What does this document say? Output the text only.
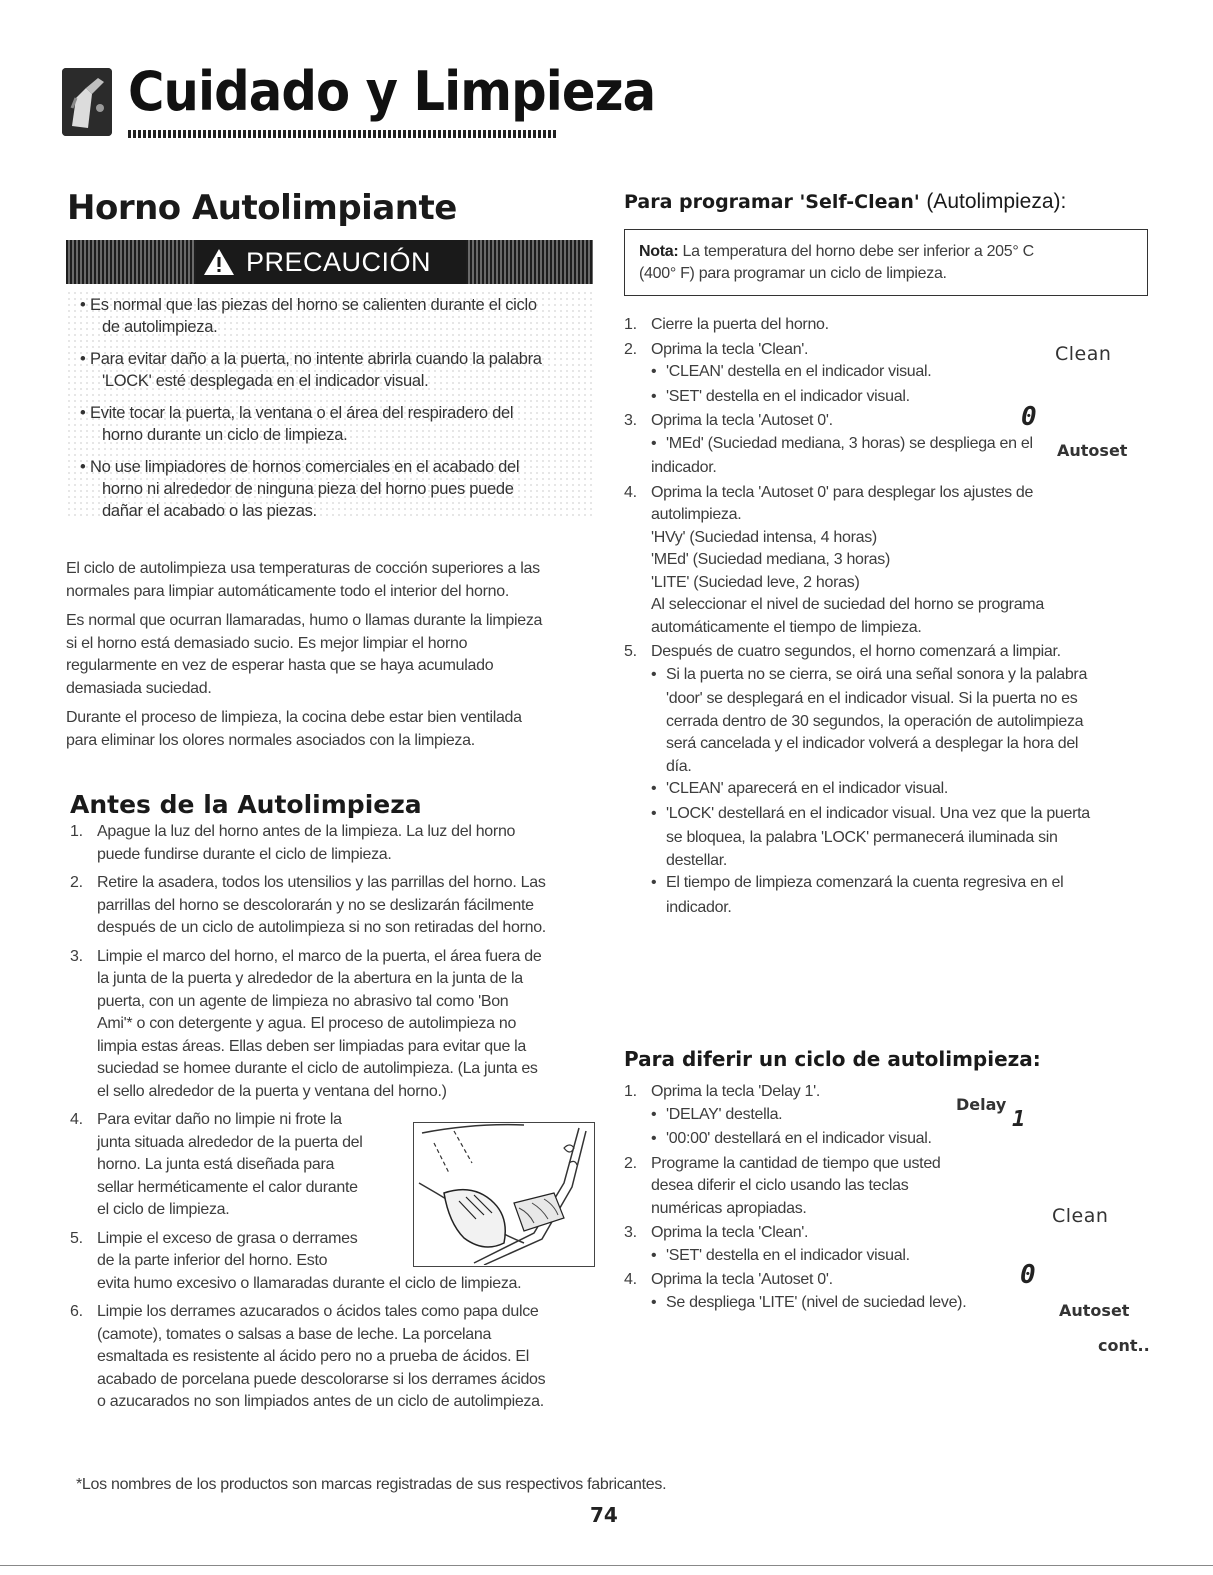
Cuidado y Limpieza
Horno Autolimpiante
PRECAUCIÓN
• Es normal que las piezas del horno se calienten durante el ciclo
de autolimpieza.
• Para evitar daño a la puerta, no intente abrirla cuando la palabra
'LOCK' esté desplegada en el indicador visual.
• Evite tocar la puerta, la ventana o el área del respiradero del
horno durante un ciclo de limpieza.
• No use limpiadores de hornos comerciales en el acabado del
horno ni alrededor de ninguna pieza del horno pues puede
dañar el acabado o las piezas.
El ciclo de autolimpieza usa temperaturas de cocción superiores a las
normales para limpiar automáticamente todo el interior del horno.
Es normal que ocurran llamaradas, humo o llamas durante la limpieza
si el horno está demasiado sucio. Es mejor limpiar el horno
regularmente en vez de esperar hasta que se haya acumulado
demasiada suciedad.
Durante el proceso de limpieza, la cocina debe estar bien ventilada
para eliminar los olores normales asociados con la limpieza.
Antes de la Autolimpieza
1. Apague la luz del horno antes de la limpieza. La luz del horno
puede fundirse durante el ciclo de limpieza.
2. Retire la asadera, todos los utensilios y las parrillas del horno. Las
parrillas del horno se descolorarán y no se deslizarán fácilmente
después de un ciclo de autolimpieza si no son retiradas del horno.
3. Limpie el marco del horno, el marco de la puerta, el área fuera de
la junta de la puerta y alrededor de la abertura en la junta de la
puerta, con un agente de limpieza no abrasivo tal como 'Bon
Ami'* o con detergente y agua. El proceso de autolimpieza no
limpia estas áreas. Ellas deben ser limpiadas para evitar que la
suciedad se homee durante el ciclo de autolimpieza. (La junta es
el sello alrededor de la puerta y ventana del horno.)
4. Para evitar daño no limpie ni frote la
junta situada alrededor de la puerta del
horno. La junta está diseñada para
sellar herméticamente el calor durante
el ciclo de limpieza.
5. Limpie el exceso de grasa o derrames
de la parte inferior del horno. Esto
evita humo excesivo o llamaradas durante el ciclo de limpieza.
6. Limpie los derrames azucarados o ácidos tales como papa dulce
(camote), tomates o salsas a base de leche. La porcelana
esmaltada es resistente al ácido pero no a prueba de ácidos. El
acabado de porcelana puede descolorarse si los derrames ácidos
o azucarados no son limpiados antes de un ciclo de autolimpieza.
Para programar 'Self-Clean' (Autolimpieza):
Nota: La temperatura del horno debe ser inferior a 205° C
(400° F) para programar un ciclo de limpieza.
1. Cierre la puerta del horno.
2. Oprima la tecla 'Clean'.
• 'CLEAN' destella en el indicador visual.
• 'SET' destella en el indicador visual.
3. Oprima la tecla 'Autoset 0'.
• 'MEd' (Suciedad mediana, 3 horas) se despliega en el
indicador.
4. Oprima la tecla 'Autoset 0' para desplegar los ajustes de
autolimpieza.
'HVy' (Suciedad intensa, 4 horas)
'MEd' (Suciedad mediana, 3 horas)
'LITE' (Suciedad leve, 2 horas)
Al seleccionar el nivel de suciedad del horno se programa
automáticamente el tiempo de limpieza.
5. Después de cuatro segundos, el horno comenzará a limpiar.
• Si la puerta no se cierra, se oirá una señal sonora y la palabra
'door' se desplegará en el indicador visual. Si la puerta no es
cerrada dentro de 30 segundos, la operación de autolimpieza
será cancelada y el indicador volverá a desplegar la hora del
día.
• 'CLEAN' aparecerá en el indicador visual.
• 'LOCK' destellará en el indicador visual. Una vez que la puerta
se bloquea, la palabra 'LOCK' permanecerá iluminada sin
destellar.
• El tiempo de limpieza comenzará la cuenta regresiva en el
indicador.
Clean
0
Autoset
Para diferir un ciclo de autolimpieza:
1. Oprima la tecla 'Delay 1'.
• 'DELAY' destella.
• '00:00' destellará en el indicador visual.
2. Programe la cantidad de tiempo que usted
desea diferir el ciclo usando las teclas
numéricas apropiadas.
3. Oprima la tecla 'Clean'.
• 'SET' destella en el indicador visual.
4. Oprima la tecla 'Autoset 0'.
• Se despliega 'LITE' (nivel de suciedad leve).
Delay
1
Clean
0
Autoset
cont..
*Los nombres de los productos son marcas registradas de sus respectivos fabricantes.
74
